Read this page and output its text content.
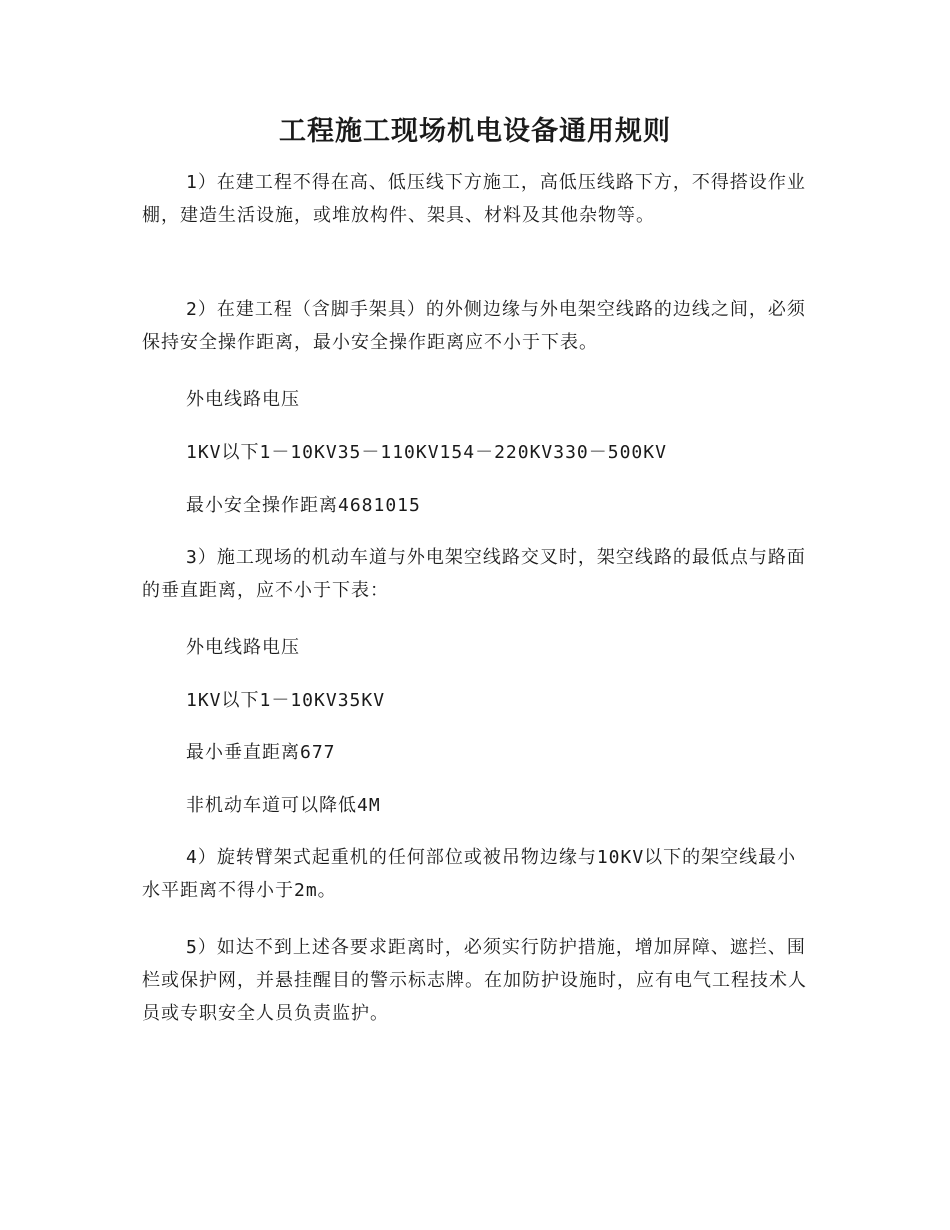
工程施工现场机电设备通用规则

1）在建工程不得在高、低压线下方施工，高低压线路下方，不得搭设作业棚，建造生活设施，或堆放构件、架具、材料及其他杂物等。

2）在建工程（含脚手架具）的外侧边缘与外电架空线路的边线之间，必须保持安全操作距离，最小安全操作距离应不小于下表。

外电线路电压

1KV以下1－10KV35－110KV154－220KV330－500KV

最小安全操作距离4681015

3）施工现场的机动车道与外电架空线路交叉时，架空线路的最低点与路面的垂直距离，应不小于下表：

外电线路电压

1KV以下1－10KV35KV

最小垂直距离677

非机动车道可以降低4M

4）旋转臂架式起重机的任何部位或被吊物边缘与10KV以下的架空线最小水平距离不得小于2m。

5）如达不到上述各要求距离时，必须实行防护措施，增加屏障、遮拦、围栏或保护网，并悬挂醒目的警示标志牌。在加防护设施时，应有电气工程技术人员或专职安全人员负责监护。
